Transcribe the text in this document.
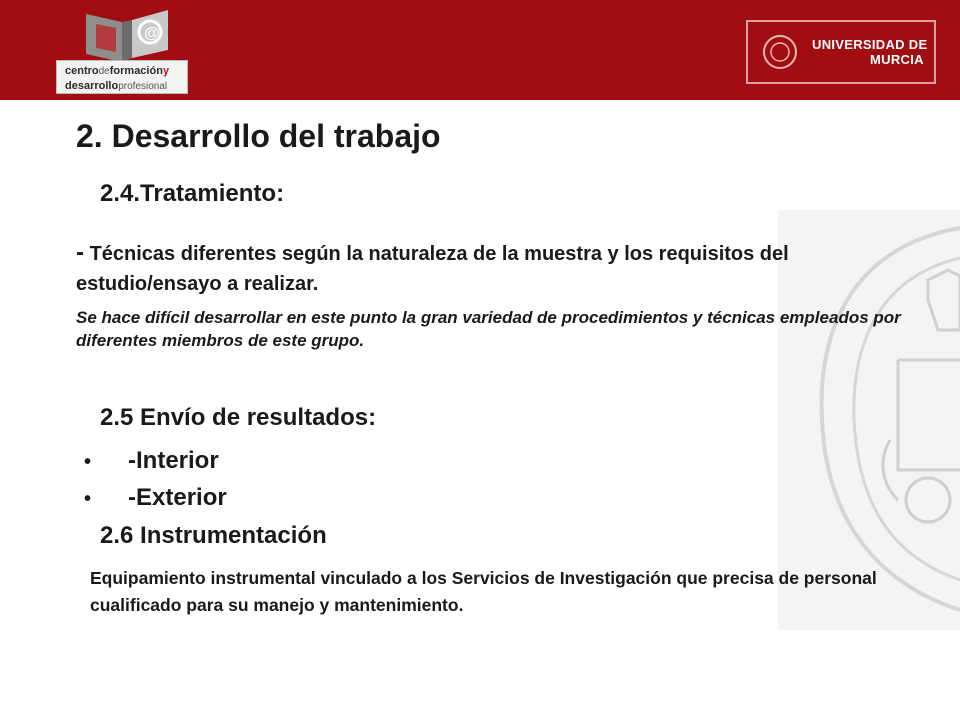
@
centrodeformacióny
desarrolloprofesional
UNIVERSIDAD DE
MURCIA
2. Desarrollo del trabajo
2.4.Tratamiento:

- Técnicas diferentes según la naturaleza de la muestra y los requisitos del estudio/ensayo a realizar.

Se hace difícil desarrollar en este punto la gran variedad de procedimientos y técnicas empleados por diferentes miembros de este grupo.

2.5 Envío de resultados:
• -Interior
• -Exterior
2.6 Instrumentación

Equipamiento instrumental vinculado a los Servicios de Investigación que precisa de personal cualificado para su manejo y mantenimiento.
